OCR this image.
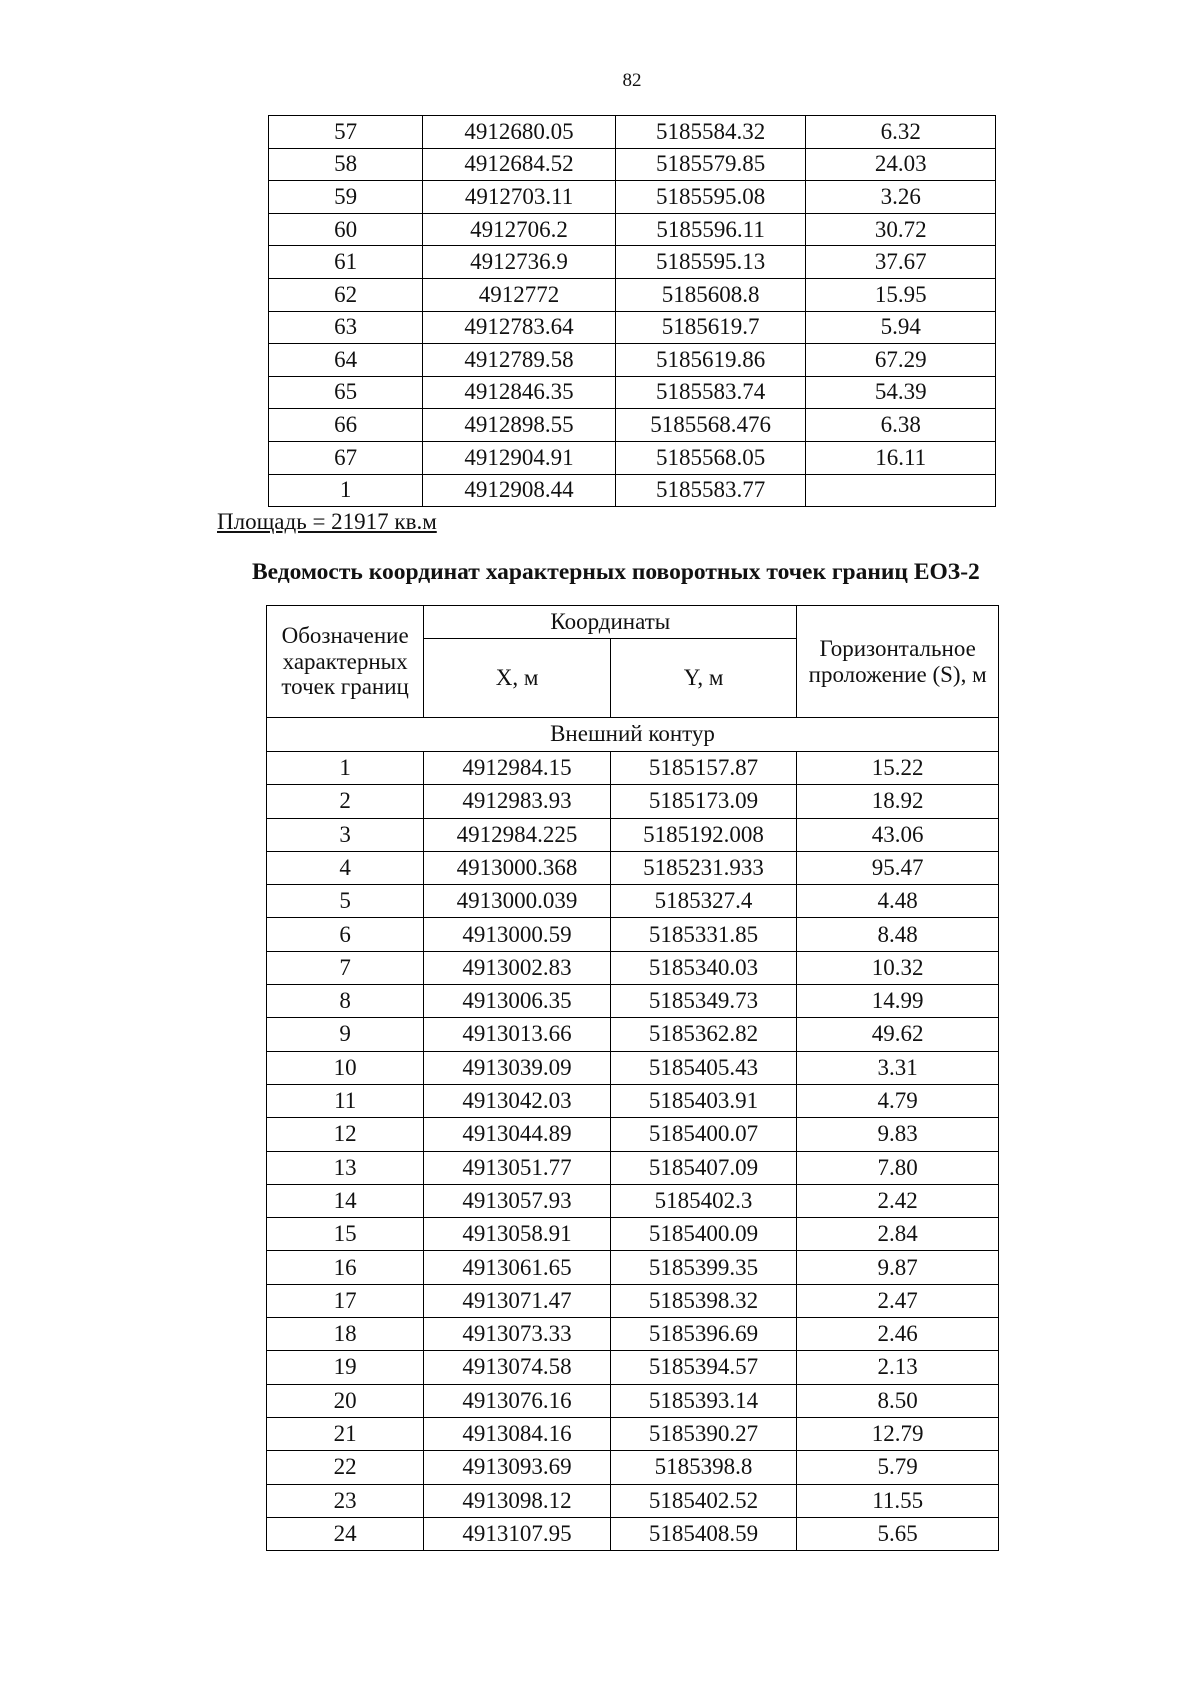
82
57	4912680.05	5185584.32	6.32
58	4912684.52	5185579.85	24.03
59	4912703.11	5185595.08	3.26
60	4912706.2	5185596.11	30.72
61	4912736.9	5185595.13	37.67
62	4912772	5185608.8	15.95
63	4912783.64	5185619.7	5.94
64	4912789.58	5185619.86	67.29
65	4912846.35	5185583.74	54.39
66	4912898.55	5185568.476	6.38
67	4912904.91	5185568.05	16.11
1	4912908.44	5185583.77	
Площадь = 21917 кв.м
Ведомость координат характерных поворотных точек границ ЕОЗ-2
Обозначение характерных точек границ	Координаты		Горизонтальное проложение (S), м
	X, м	Y, м	
Внешний контур			
1	4912984.15	5185157.87	15.22
2	4912983.93	5185173.09	18.92
3	4912984.225	5185192.008	43.06
4	4913000.368	5185231.933	95.47
5	4913000.039	5185327.4	4.48
6	4913000.59	5185331.85	8.48
7	4913002.83	5185340.03	10.32
8	4913006.35	5185349.73	14.99
9	4913013.66	5185362.82	49.62
10	4913039.09	5185405.43	3.31
11	4913042.03	5185403.91	4.79
12	4913044.89	5185400.07	9.83
13	4913051.77	5185407.09	7.80
14	4913057.93	5185402.3	2.42
15	4913058.91	5185400.09	2.84
16	4913061.65	5185399.35	9.87
17	4913071.47	5185398.32	2.47
18	4913073.33	5185396.69	2.46
19	4913074.58	5185394.57	2.13
20	4913076.16	5185393.14	8.50
21	4913084.16	5185390.27	12.79
22	4913093.69	5185398.8	5.79
23	4913098.12	5185402.52	11.55
24	4913107.95	5185408.59	5.65
